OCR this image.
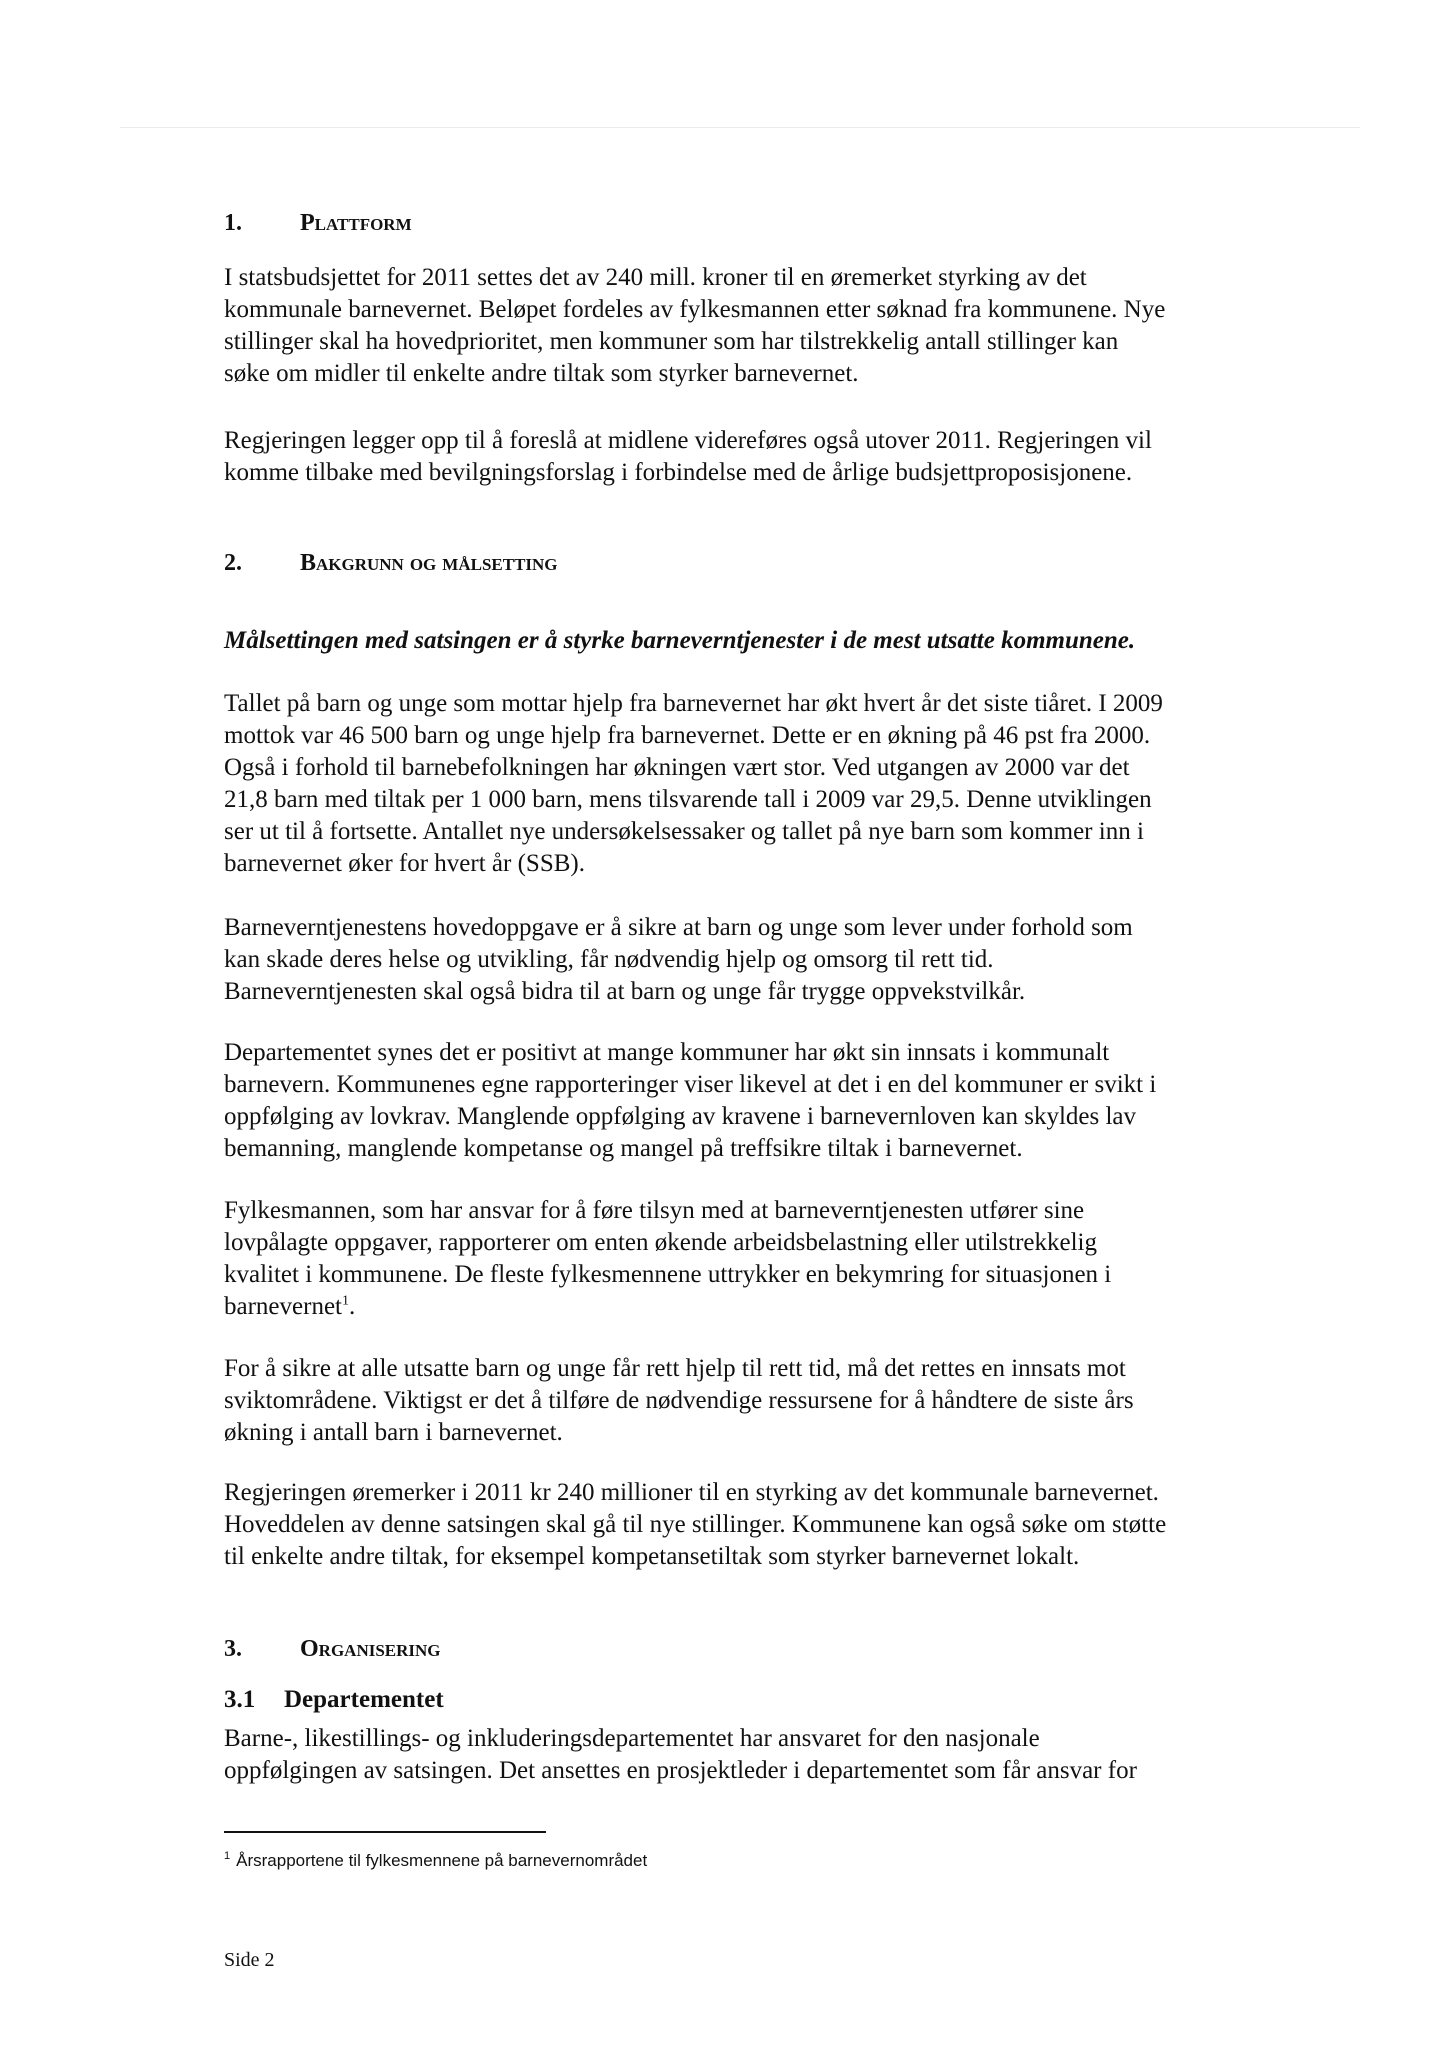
1. Plattform
I statsbudsjettet for 2011 settes det av 240 mill. kroner til en øremerket styrking av det
kommunale barnevernet. Beløpet fordeles av fylkesmannen etter søknad fra kommunene. Nye
stillinger skal ha hovedprioritet, men kommuner som har tilstrekkelig antall stillinger kan
søke om midler til enkelte andre tiltak som styrker barnevernet.
Regjeringen legger opp til å foreslå at midlene videreføres også utover 2011. Regjeringen vil
komme tilbake med bevilgningsforslag i forbindelse med de årlige budsjettproposisjonene.
2. Bakgrunn og målsetting
Målsettingen med satsingen er å styrke barneverntjenester i de mest utsatte kommunene.
Tallet på barn og unge som mottar hjelp fra barnevernet har økt hvert år det siste tiåret. I 2009
mottok var 46 500 barn og unge hjelp fra barnevernet. Dette er en økning på 46 pst fra 2000.
Også i forhold til barnebefolkningen har økningen vært stor. Ved utgangen av 2000 var det
21,8 barn med tiltak per 1 000 barn, mens tilsvarende tall i 2009 var 29,5. Denne utviklingen
ser ut til å fortsette. Antallet nye undersøkelsessaker og tallet på nye barn som kommer inn i
barnevernet øker for hvert år (SSB).
Barneverntjenestens hovedoppgave er å sikre at barn og unge som lever under forhold som
kan skade deres helse og utvikling, får nødvendig hjelp og omsorg til rett tid.
Barneverntjenesten skal også bidra til at barn og unge får trygge oppvekstvilkår.
Departementet synes det er positivt at mange kommuner har økt sin innsats i kommunalt
barnevern. Kommunenes egne rapporteringer viser likevel at det i en del kommuner er svikt i
oppfølging av lovkrav. Manglende oppfølging av kravene i barnevernloven kan skyldes lav
bemanning, manglende kompetanse og mangel på treffsikre tiltak i barnevernet.
Fylkesmannen, som har ansvar for å føre tilsyn med at barneverntjenesten utfører sine
lovpålagte oppgaver, rapporterer om enten økende arbeidsbelastning eller utilstrekkelig
kvalitet i kommunene. De fleste fylkesmennene uttrykker en bekymring for situasjonen i
barnevernet$^1$.
For å sikre at alle utsatte barn og unge får rett hjelp til rett tid, må det rettes en innsats mot
sviktområdene. Viktigst er det å tilføre de nødvendige ressursene for å håndtere de siste års
økning i antall barn i barnevernet.
Regjeringen øremerker i 2011 kr 240 millioner til en styrking av det kommunale barnevernet.
Hoveddelen av denne satsingen skal gå til nye stillinger. Kommunene kan også søke om støtte
til enkelte andre tiltak, for eksempel kompetansetiltak som styrker barnevernet lokalt.
3. Organisering
3.1 Departementet
Barne-, likestillings- og inkluderingsdepartementet har ansvaret for den nasjonale
oppfølgingen av satsingen. Det ansettes en prosjektleder i departementet som får ansvar for
$^1$ Årsrapportene til fylkesmennene på barnevernområdet
Side 2
